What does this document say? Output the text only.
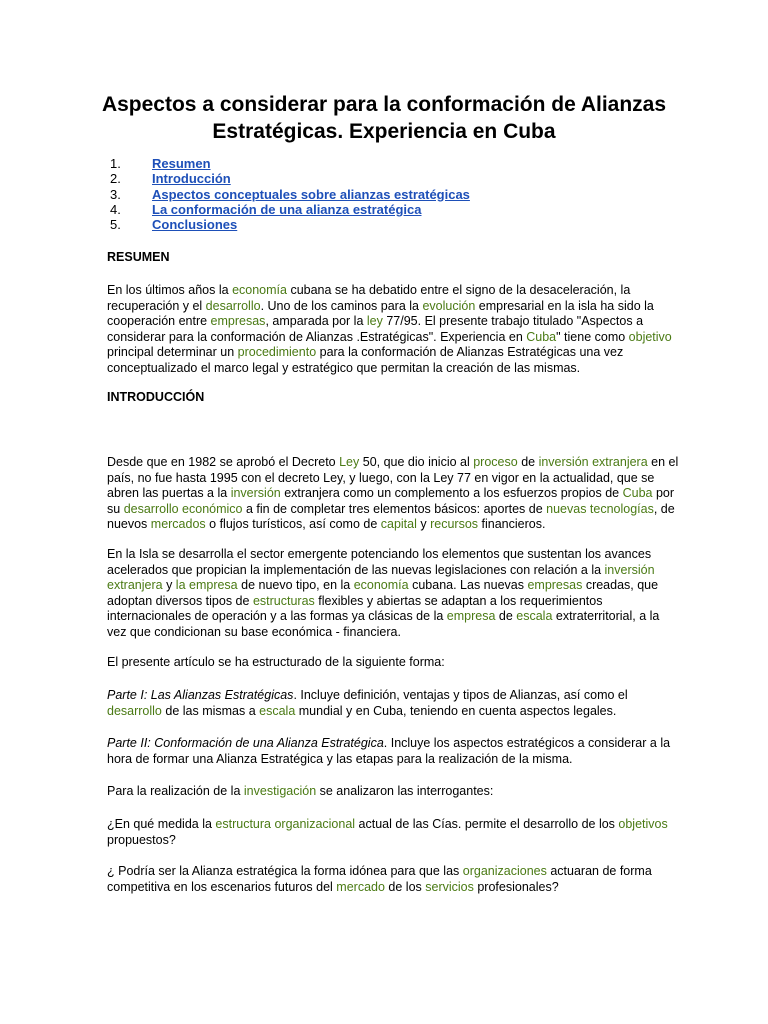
Aspectos a considerar para la conformación de Alianzas Estratégicas. Experiencia en Cuba
1.	Resumen
2.	Introducción
3.	Aspectos conceptuales sobre alianzas estratégicas
4.	La conformación de una alianza estratégica
5.	Conclusiones

RESUMEN

En los últimos años la economía cubana se ha debatido entre el signo de la desaceleración, la recuperación y el desarrollo. Uno de los caminos para la evolución empresarial en la isla ha sido la cooperación entre empresas, amparada por la ley 77/95. El presente trabajo titulado "Aspectos a considerar para la conformación de Alianzas .Estratégicas". Experiencia en Cuba" tiene como objetivo principal determinar un procedimiento para la conformación de Alianzas Estratégicas una vez conceptualizado el marco legal y estratégico que permitan la creación de las mismas.

INTRODUCCIÓN

Desde que en 1982 se aprobó el Decreto Ley 50, que dio inicio al proceso de inversión extranjera en el país, no fue hasta 1995 con el decreto Ley, y luego, con la Ley 77 en vigor en la actualidad, que se abren las puertas a la inversión extranjera como un complemento a los esfuerzos propios de Cuba por su desarrollo económico a fin de completar tres elementos básicos: aportes de nuevas tecnologías, de nuevos mercados o flujos turísticos, así como de capital y recursos financieros.

En la Isla se desarrolla el sector emergente potenciando los elementos que sustentan los avances acelerados que propician la implementación de las nuevas legislaciones con relación a la inversión extranjera y la empresa de nuevo tipo, en la economía cubana. Las nuevas empresas creadas, que adoptan diversos tipos de estructuras flexibles y abiertas se adaptan a los requerimientos internacionales de operación y a las formas ya clásicas de la empresa de escala extraterritorial, a la vez que condicionan su base económica - financiera.

El presente artículo se ha estructurado de la siguiente forma:

Parte I: Las Alianzas Estratégicas. Incluye definición, ventajas y tipos de Alianzas, así como el desarrollo de las mismas a escala mundial y en Cuba, teniendo en cuenta aspectos legales.

Parte II: Conformación de una Alianza Estratégica. Incluye los aspectos estratégicos a considerar a la hora de formar una Alianza Estratégica y las etapas para la realización de la misma.

Para la realización de la investigación se analizaron las interrogantes:

¿En qué medida la estructura organizacional actual de las Cías. permite el desarrollo de los objetivos propuestos?

¿ Podría ser la Alianza estratégica la forma idónea para que las organizaciones actuaran de forma competitiva en los escenarios futuros del mercado de los servicios profesionales?
